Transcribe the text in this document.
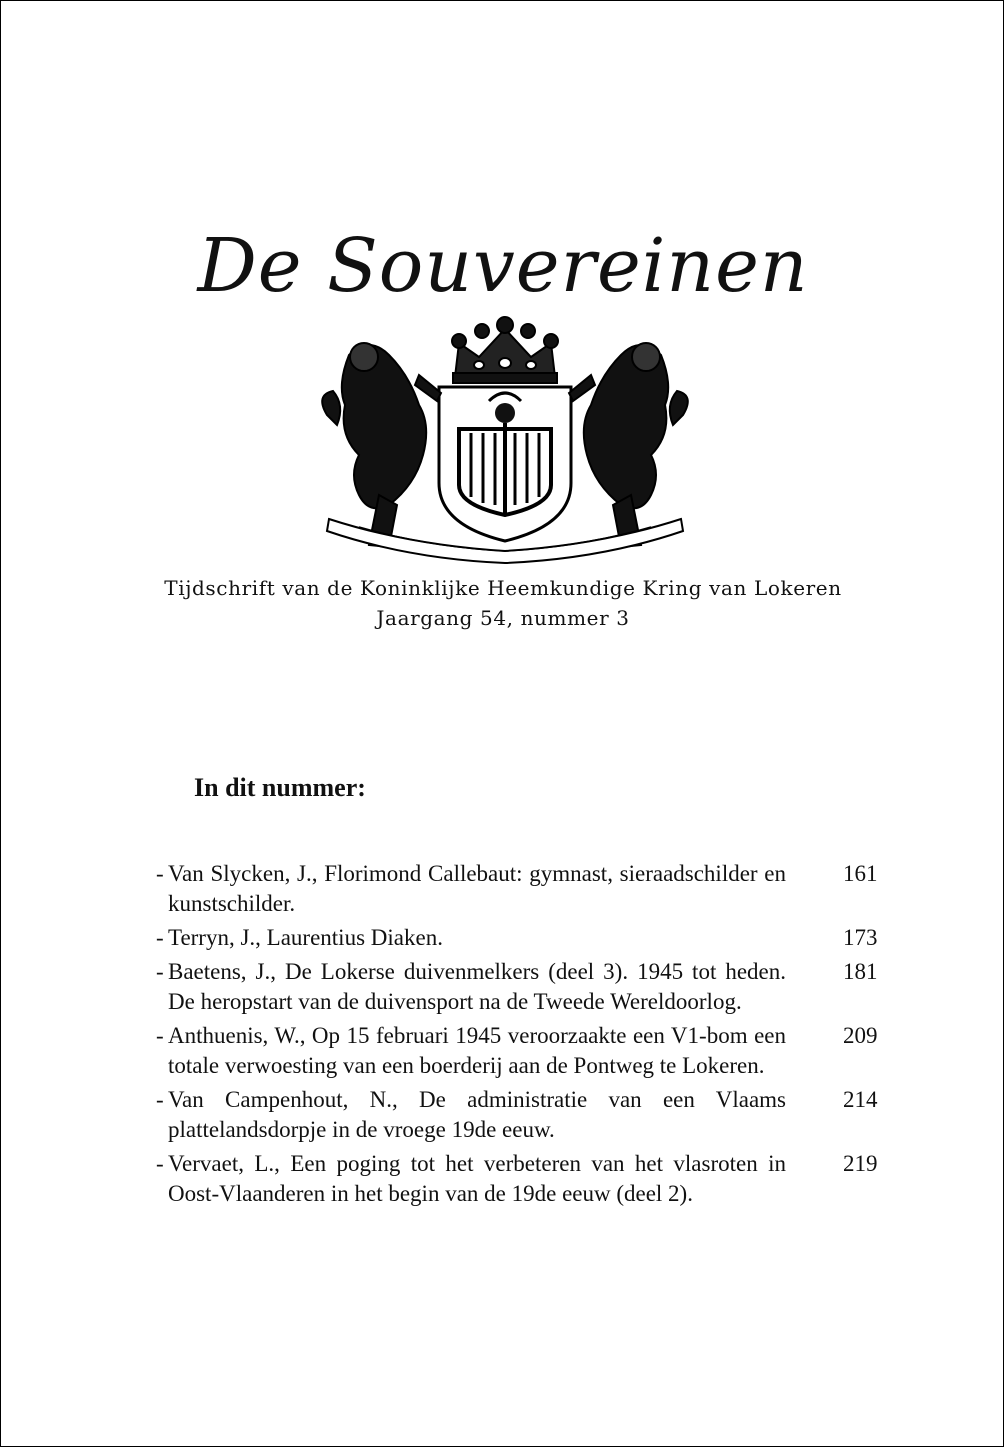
De Souvereinen
Tijdschrift van de Koninklijke Heemkundige Kring van Lokeren
Jaargang 54, nummer 3
In dit nummer:
- Van Slycken, J., Florimond Callebaut: gymnast, sieraadschilder en kunstschilder.
161
- Terryn, J., Laurentius Diaken.	173
- Baetens, J., De Lokerse duivenmelkers (deel 3). 1945 tot heden. De heropstart van de duivensport na de Tweede Wereldoorlog.
181
- Anthuenis, W., Op 15 februari 1945 veroorzaakte een V1-bom een totale verwoesting van een boerderij aan de Pontweg te Lokeren.
209
- Van Campenhout, N., De administratie van een Vlaams plattelandsdorpje in de vroege 19de eeuw.
214
- Vervaet, L., Een poging tot het verbeteren van het vlasroten in Oost-Vlaanderen in het begin van de 19de eeuw (deel 2).
219
